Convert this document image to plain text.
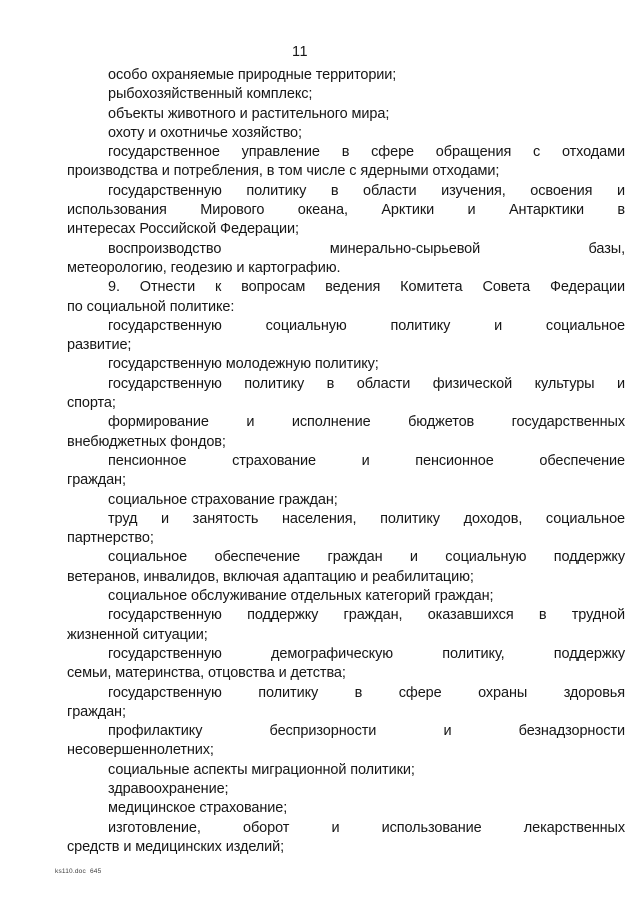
11

особо охраняемые природные территории;

рыбохозяйственный комплекс;

объекты животного и растительного мира;

охоту и охотничье хозяйство;

государственное управление в сфере обращения с отходами
производства и потребления, в том числе с ядерными отходами;

государственную политику в области изучения, освоения и
использования Мирового океана, Арктики и Антарктики в
интересах Российской Федерации;

воспроизводство минерально-сырьевой базы,
метеорологию, геодезию и картографию.

9. Отнести к вопросам ведения Комитета Совета Федерации
по социальной политике:

государственную социальную политику и социальное
развитие;

государственную молодежную политику;

государственную политику в области физической культуры и
спорта;

формирование и исполнение бюджетов государственных
внебюджетных фондов;

пенсионное страхование и пенсионное обеспечение
граждан;

социальное страхование граждан;

труд и занятость населения, политику доходов, социальное
партнерство;

социальное обеспечение граждан и социальную поддержку
ветеранов, инвалидов, включая адаптацию и реабилитацию;

социальное обслуживание отдельных категорий граждан;

государственную поддержку граждан, оказавшихся в трудной
жизненной ситуации;

государственную демографическую политику, поддержку
семьи, материнства, отцовства и детства;

государственную политику в сфере охраны здоровья
граждан;

профилактику беспризорности и безнадзорности
несовершеннолетних;

социальные аспекты миграционной политики;

здравоохранение;

медицинское страхование;

изготовление, оборот и использование лекарственных
средств и медицинских изделий;

ks110.doc  645
